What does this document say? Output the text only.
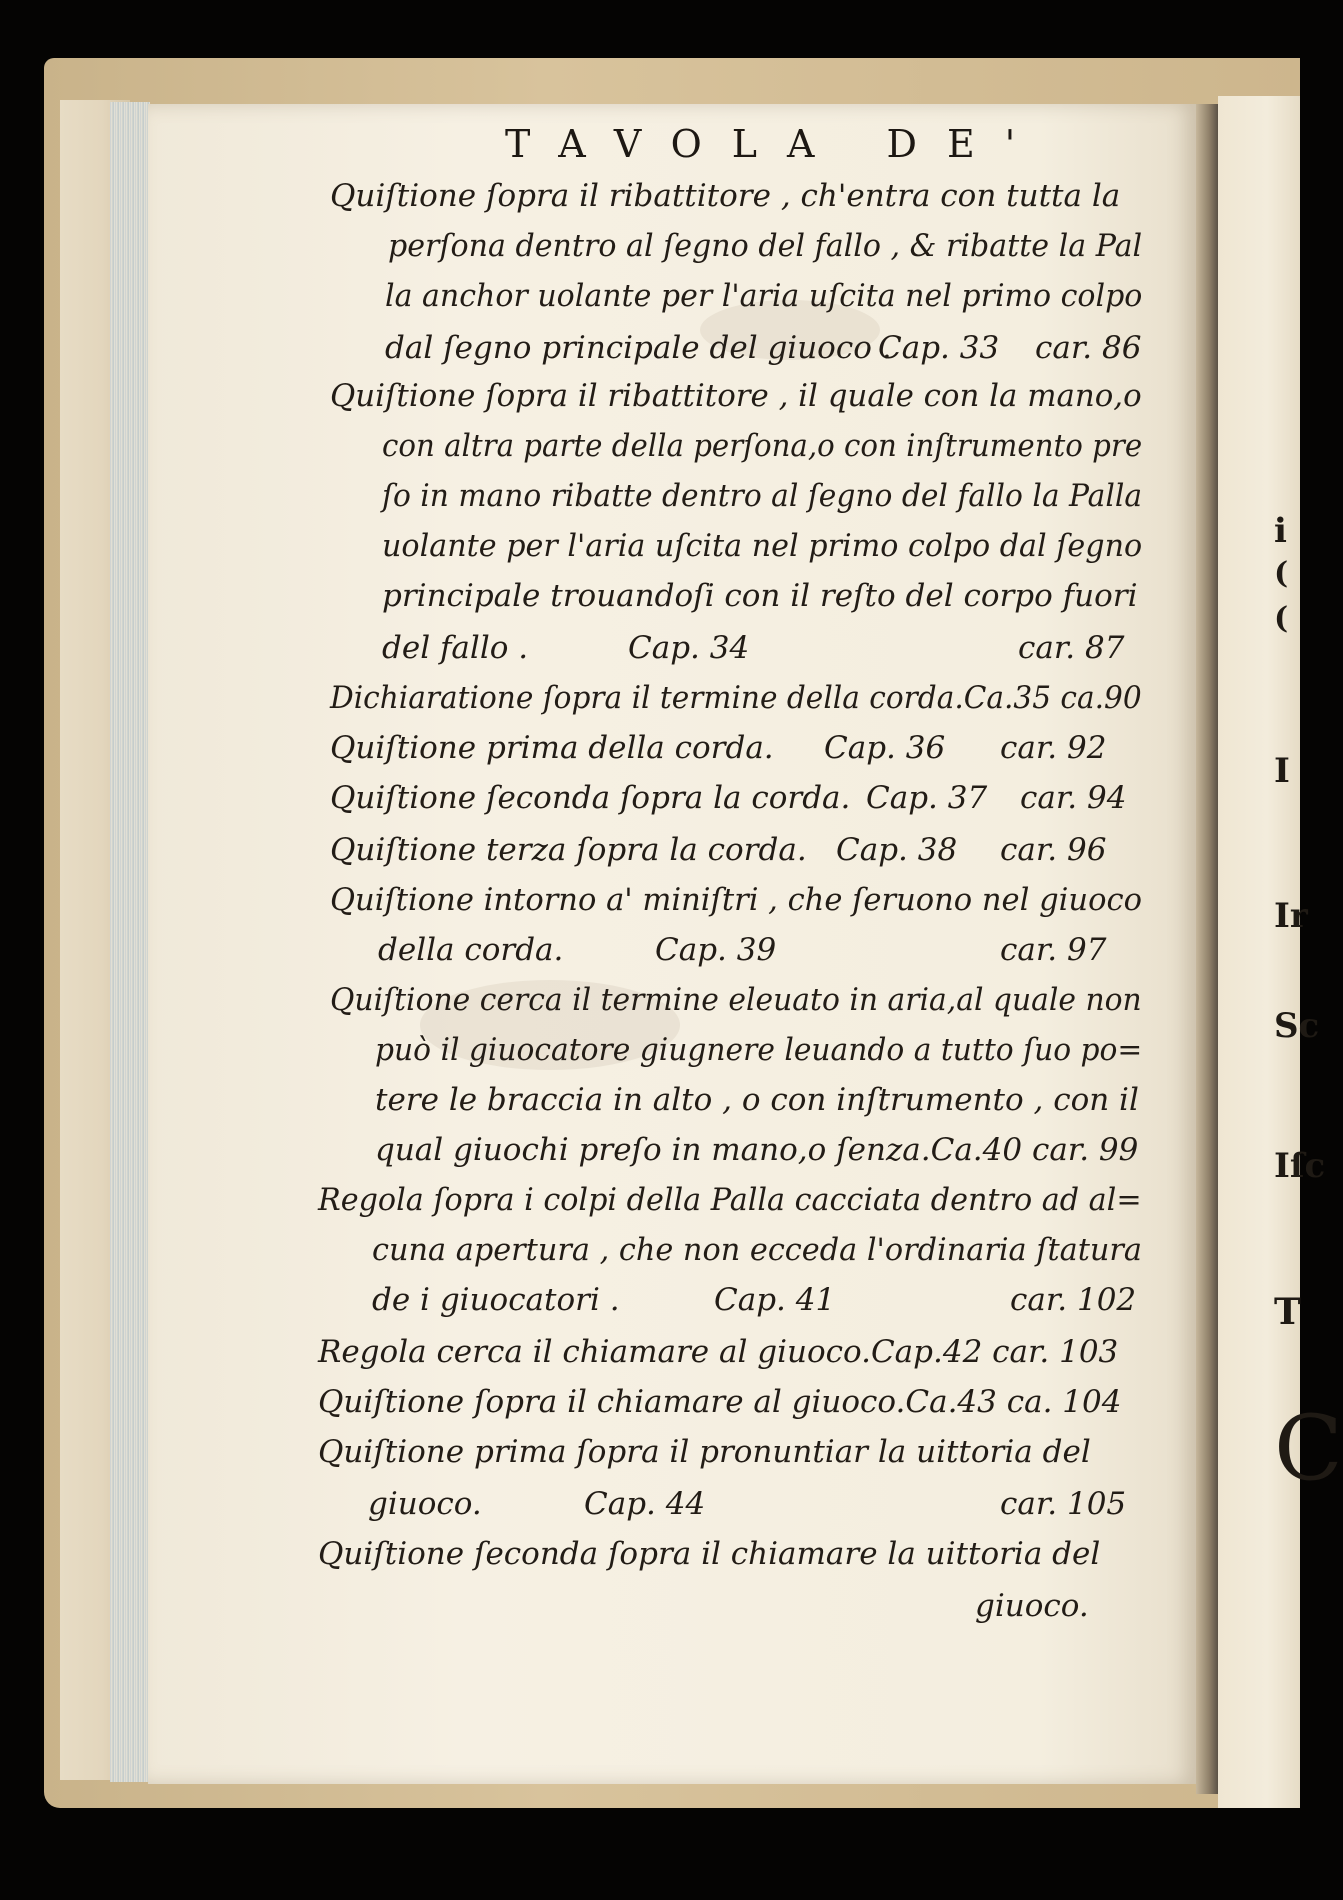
i
(
(
I
Ir
Sc
Iſc
T
C
TAVOLA DE'
Quiſtione ſopra il ribattitore , ch'entra con tutta la
perſona dentro al ſegno del fallo , & ribatte la Pal
la anchor uolante per l'aria uſcita nel primo colpo
dal ſegno principale del giuoco .
Cap. 33 car. 86
Quiſtione ſopra il ribattitore , il quale con la mano,o
con altra parte della perſona,o con inſtrumento pre
ſo in mano ribatte dentro al ſegno del fallo la Palla
uolante per l'aria uſcita nel primo colpo dal ſegno
principale trouandoſi con il reſto del corpo fuori
del fallo .	Cap. 34	car. 87
Dichiaratione ſopra il termine della corda.Ca.35 ca.90
Quiſtione prima della corda. Cap. 36 car. 92
Quiſtione ſeconda ſopra la corda. Cap. 37 car. 94
Quiſtione terza ſopra la corda. Cap. 38 car. 96
Quiſtione intorno a' miniſtri , che ſeruono nel giuoco
della corda.	Cap. 39	car. 97
Quiſtione cerca il termine eleuato in aria,al quale non
può il giuocatore giugnere leuando a tutto ſuo po=
tere le braccia in alto , o con inſtrumento , con il
qual giuochi preſo in mano,o ſenza.Ca.40 car. 99
Regola ſopra i colpi della Palla cacciata dentro ad al=
cuna apertura , che non ecceda l'ordinaria ſtatura
de i giuocatori .	Cap. 41	car. 102
Regola cerca il chiamare al giuoco.Cap.42 car. 103
Quiſtione ſopra il chiamare al giuoco.Ca.43 ca. 104
Quiſtione prima ſopra il pronuntiar la uittoria del
giuoco.	Cap. 44	car. 105
Quiſtione ſeconda ſopra il chiamare la uittoria del
giuoco.
